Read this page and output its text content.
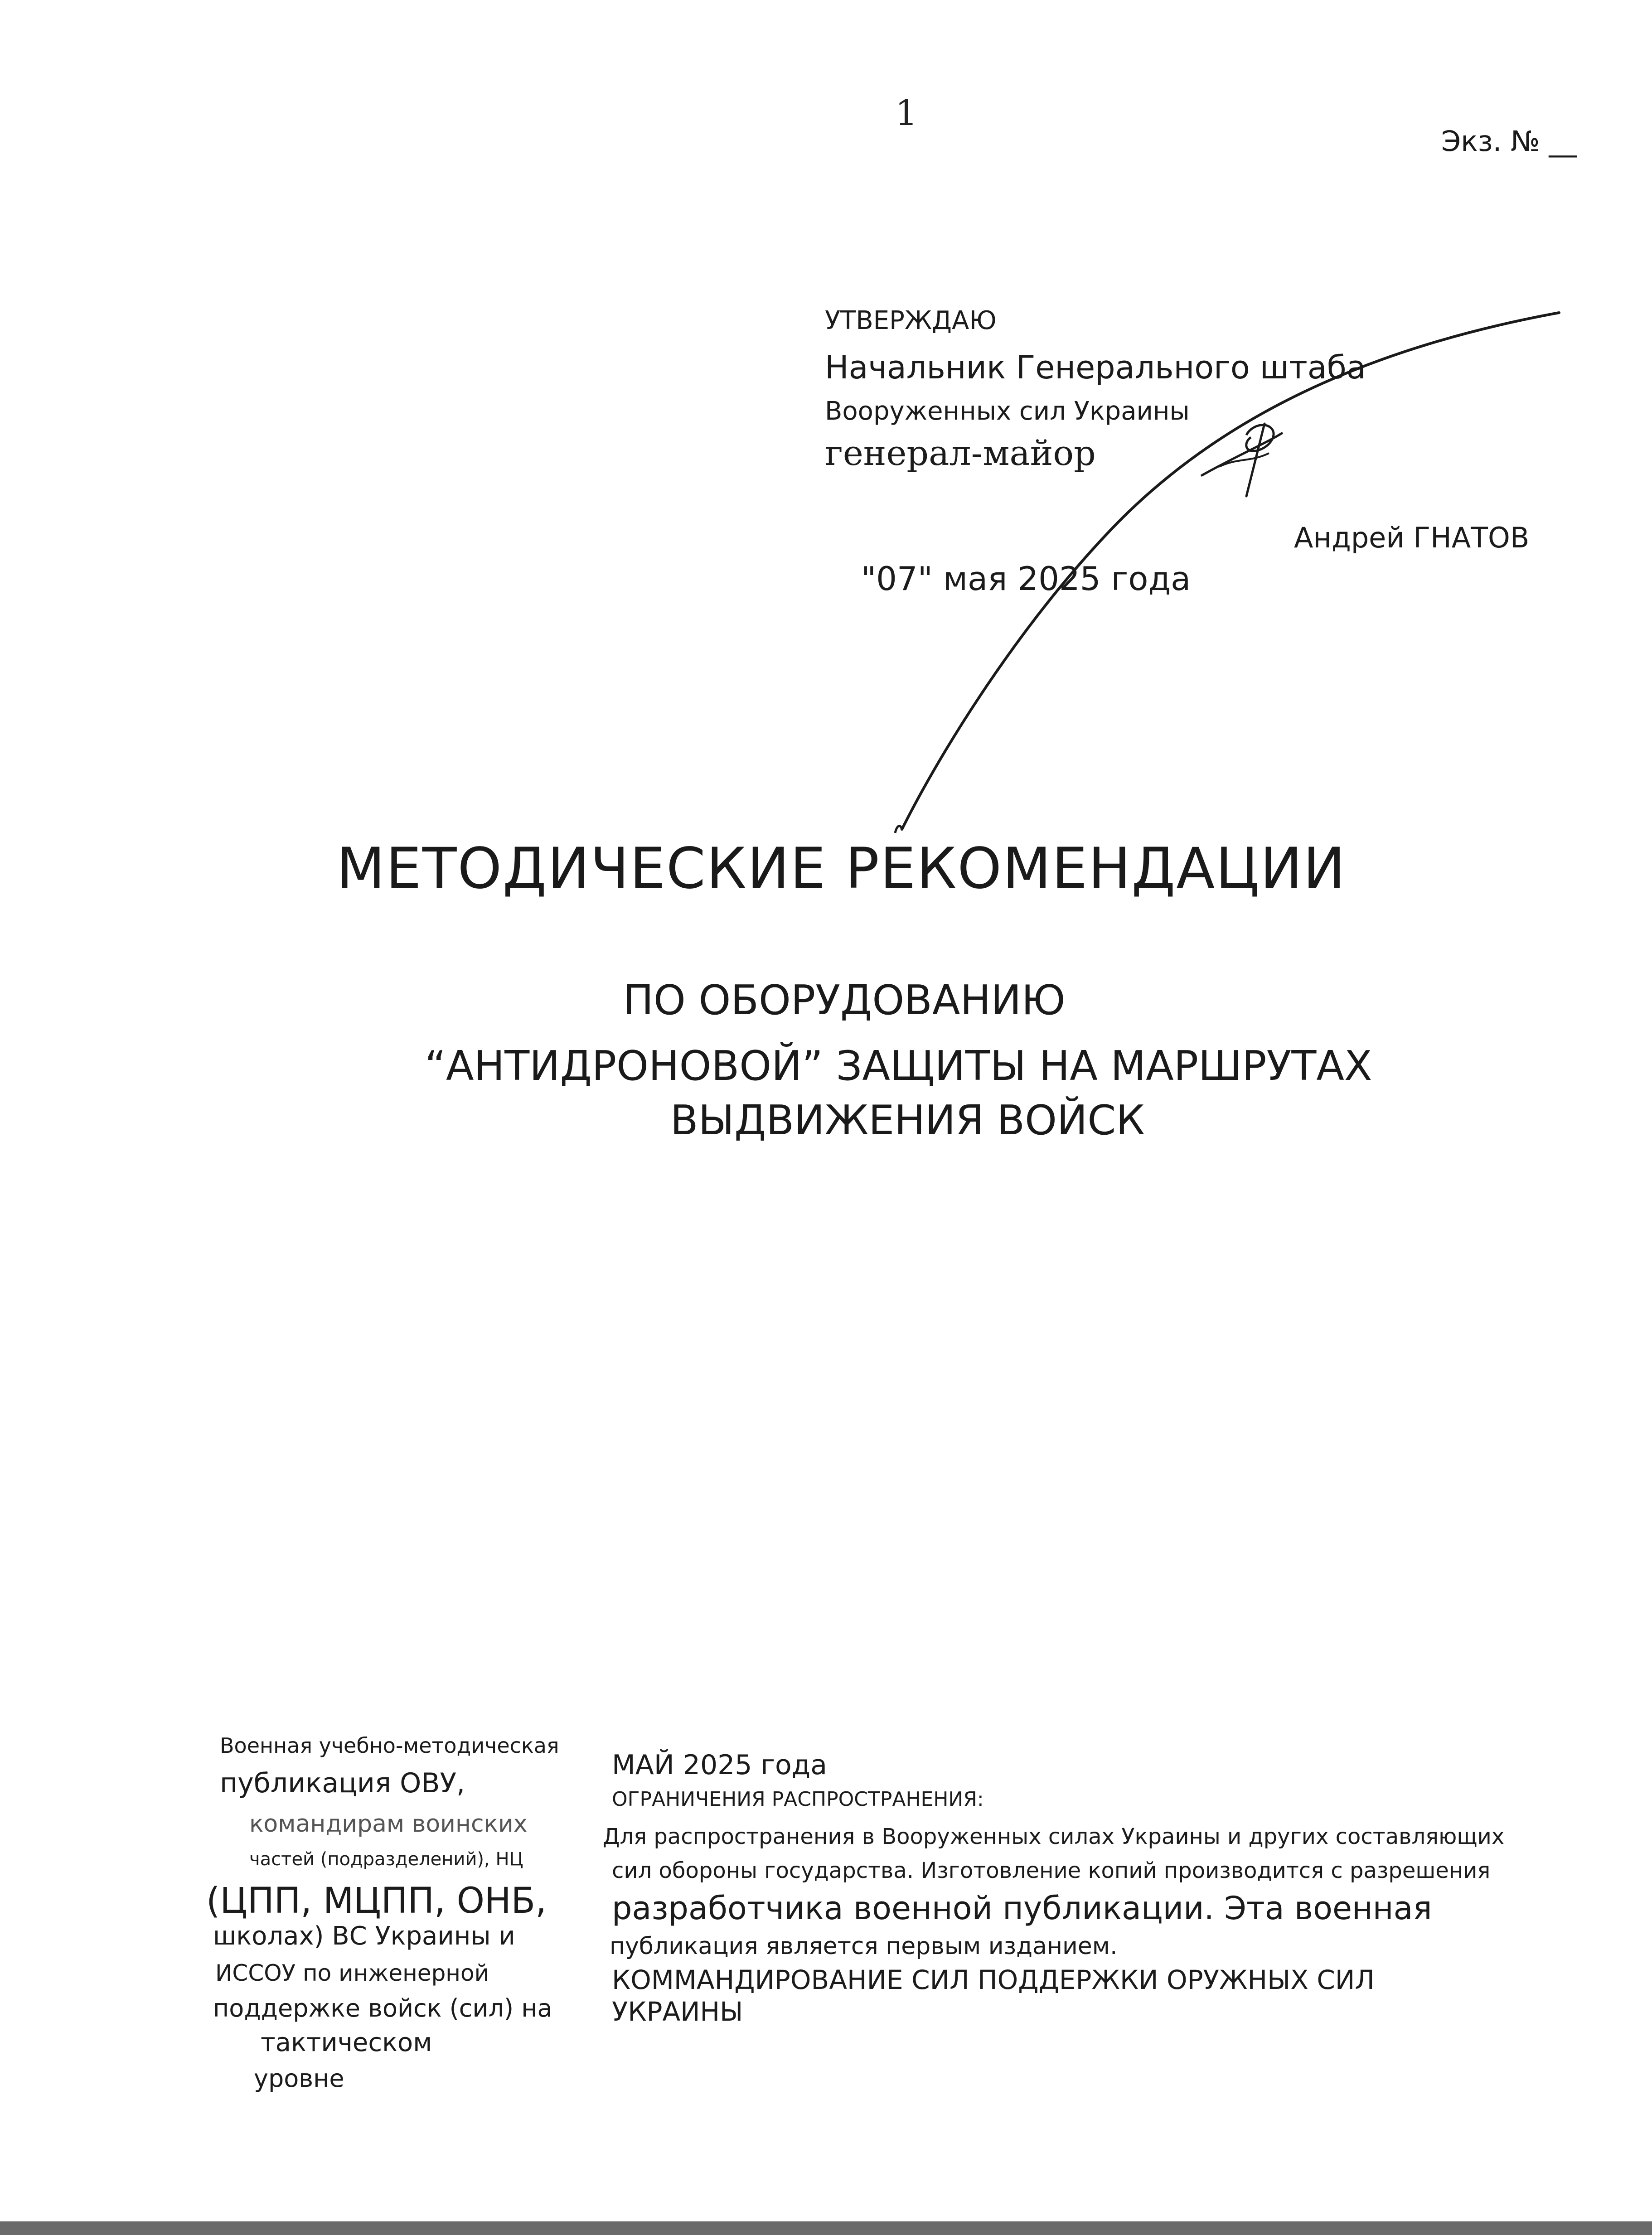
1
Экз. № __
УТВЕРЖДАЮ
Начальник Генерального штаба
Вооруженных сил Украины
генерал-майор
Андрей ГНАТОВ
"07" мая 2025 года
МЕТОДИЧЕСКИЕ РЕКОМЕНДАЦИИ
ПО ОБОРУДОВАНИЮ
“АНТИДРОНОВОЙ” ЗАЩИТЫ НА МАРШРУТАХ
ВЫДВИЖЕНИЯ ВОЙСК
Военная учебно-методическая
публикация ОВУ,
командирам воинских
частей (подразделений), НЦ
(ЦПП, МЦПП, ОНБ,
школах) ВС Украины и
ИССОУ по инженерной
поддержке войск (сил) на
тактическом
уровне
МАЙ 2025 года
ОГРАНИЧЕНИЯ РАСПРОСТРАНЕНИЯ:
Для распространения в Вооруженных силах Украины и других составляющих
сил обороны государства. Изготовление копий производится с разрешения
разработчика военной публикации. Эта военная
публикация является первым изданием.
КОММАНДИРОВАНИЕ СИЛ ПОДДЕРЖКИ ОРУЖНЫХ СИЛ
УКРАИНЫ
